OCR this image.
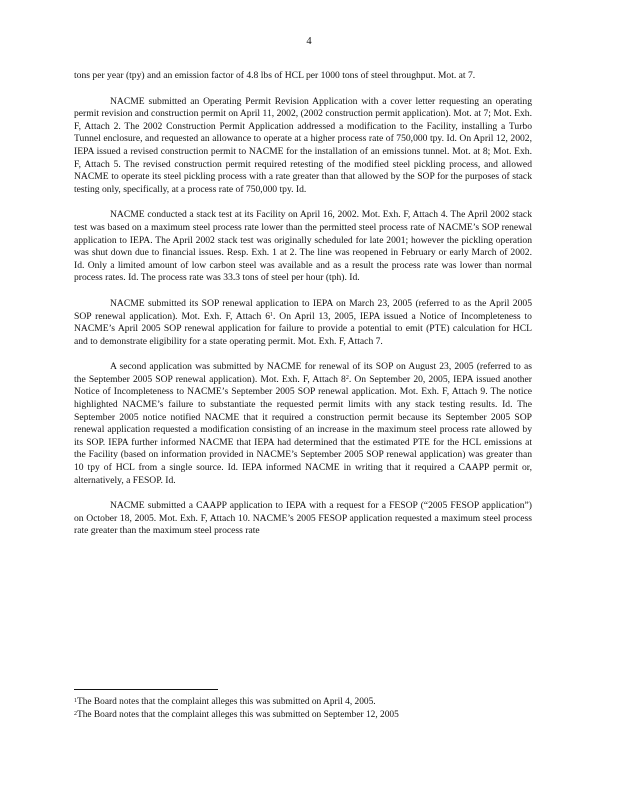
4

tons per year (tpy) and an emission factor of 4.8 lbs of HCL per 1000 tons of steel throughput. Mot. at 7.

NACME submitted an Operating Permit Revision Application with a cover letter requesting an operating permit revision and construction permit on April 11, 2002, (2002 construction permit application). Mot. at 7; Mot. Exh. F, Attach 2. The 2002 Construction Permit Application addressed a modification to the Facility, installing a Turbo Tunnel enclosure, and requested an allowance to operate at a higher process rate of 750,000 tpy. Id. On April 12, 2002, IEPA issued a revised construction permit to NACME for the installation of an emissions tunnel. Mot. at 8; Mot. Exh. F, Attach 5. The revised construction permit required retesting of the modified steel pickling process, and allowed NACME to operate its steel pickling process with a rate greater than that allowed by the SOP for the purposes of stack testing only, specifically, at a process rate of 750,000 tpy. Id.

NACME conducted a stack test at its Facility on April 16, 2002. Mot. Exh. F, Attach 4. The April 2002 stack test was based on a maximum steel process rate lower than the permitted steel process rate of NACME’s SOP renewal application to IEPA. The April 2002 stack test was originally scheduled for late 2001; however the pickling operation was shut down due to financial issues. Resp. Exh. 1 at 2. The line was reopened in February or early March of 2002. Id. Only a limited amount of low carbon steel was available and as a result the process rate was lower than normal process rates. Id. The process rate was 33.3 tons of steel per hour (tph). Id.

NACME submitted its SOP renewal application to IEPA on March 23, 2005 (referred to as the April 2005 SOP renewal application). Mot. Exh. F, Attach $6^1$. On April 13, 2005, IEPA issued a Notice of Incompleteness to NACME’s April 2005 SOP renewal application for failure to provide a potential to emit (PTE) calculation for HCL and to demonstrate eligibility for a state operating permit. Mot. Exh. F, Attach 7.

A second application was submitted by NACME for renewal of its SOP on August 23, 2005 (referred to as the September 2005 SOP renewal application). Mot. Exh. F, Attach $8^2$. On September 20, 2005, IEPA issued another Notice of Incompleteness to NACME’s September 2005 SOP renewal application. Mot. Exh. F, Attach 9. The notice highlighted NACME’s failure to substantiate the requested permit limits with any stack testing results. Id. The September 2005 notice notified NACME that it required a construction permit because its September 2005 SOP renewal application requested a modification consisting of an increase in the maximum steel process rate allowed by its SOP. IEPA further informed NACME that IEPA had determined that the estimated PTE for the HCL emissions at the Facility (based on information provided in NACME’s September 2005 SOP renewal application) was greater than 10 tpy of HCL from a single source. Id. IEPA informed NACME in writing that it required a CAAPP permit or, alternatively, a FESOP. Id.

NACME submitted a CAAPP application to IEPA with a request for a FESOP (“2005 FESOP application”) on October 18, 2005. Mot. Exh. F, Attach 10. NACME’s 2005 FESOP application requested a maximum steel process rate greater than the maximum steel process rate

$^1$The Board notes that the complaint alleges this was submitted on April 4, 2005.
$^2$The Board notes that the complaint alleges this was submitted on September 12, 2005
